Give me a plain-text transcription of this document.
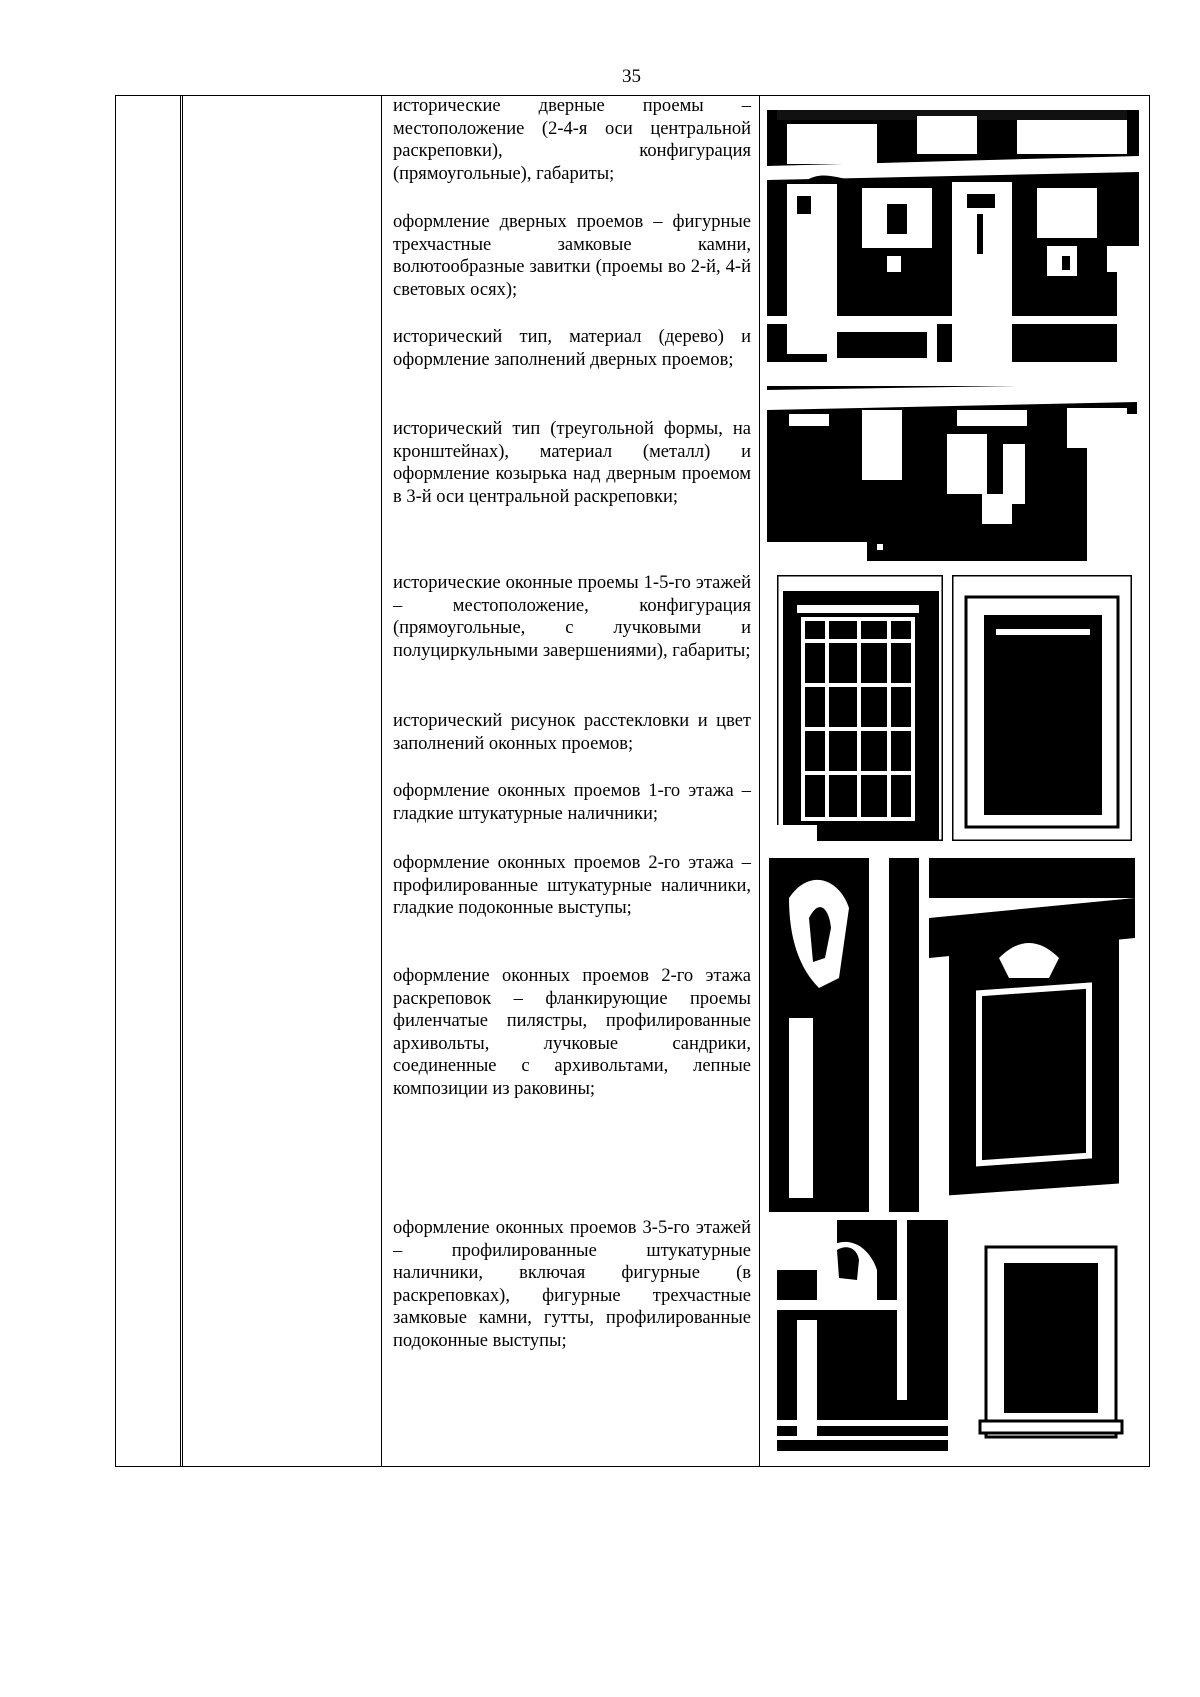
35

исторические дверные проемы – местоположение (2-4-я оси центральной раскреповки), конфигурация (прямоугольные), габариты;

оформление дверных проемов – фигурные трехчастные замковые камни, волютообразные завитки (проемы во 2-й, 4-й световых осях);

исторический тип, материал (дерево) и оформление заполнений дверных проемов;

исторический тип (треугольной формы, на кронштейнах), материал (металл) и оформление козырька над дверным проемом в 3-й оси центральной раскреповки;

исторические оконные проемы 1-5-го этажей – местоположение, конфигурация (прямоугольные, с лучковыми и полуциркульными завершениями), габариты;

исторический рисунок расстекловки и цвет заполнений оконных проемов;

оформление оконных проемов 1-го этажа – гладкие штукатурные наличники;

оформление оконных проемов 2-го этажа – профилированные штукатурные наличники, гладкие подоконные выступы;

оформление оконных проемов 2-го этажа раскреповок – фланкирующие проемы филенчатые пилястры, профилированные архивольты, лучковые сандрики, соединенные с архивольтами, лепные композиции из раковины;

оформление оконных проемов 3-5-го этажей – профилированные штукатурные наличники, включая фигурные (в раскреповках), фигурные трехчастные замковые камни, гутты, профилированные подоконные выступы;
